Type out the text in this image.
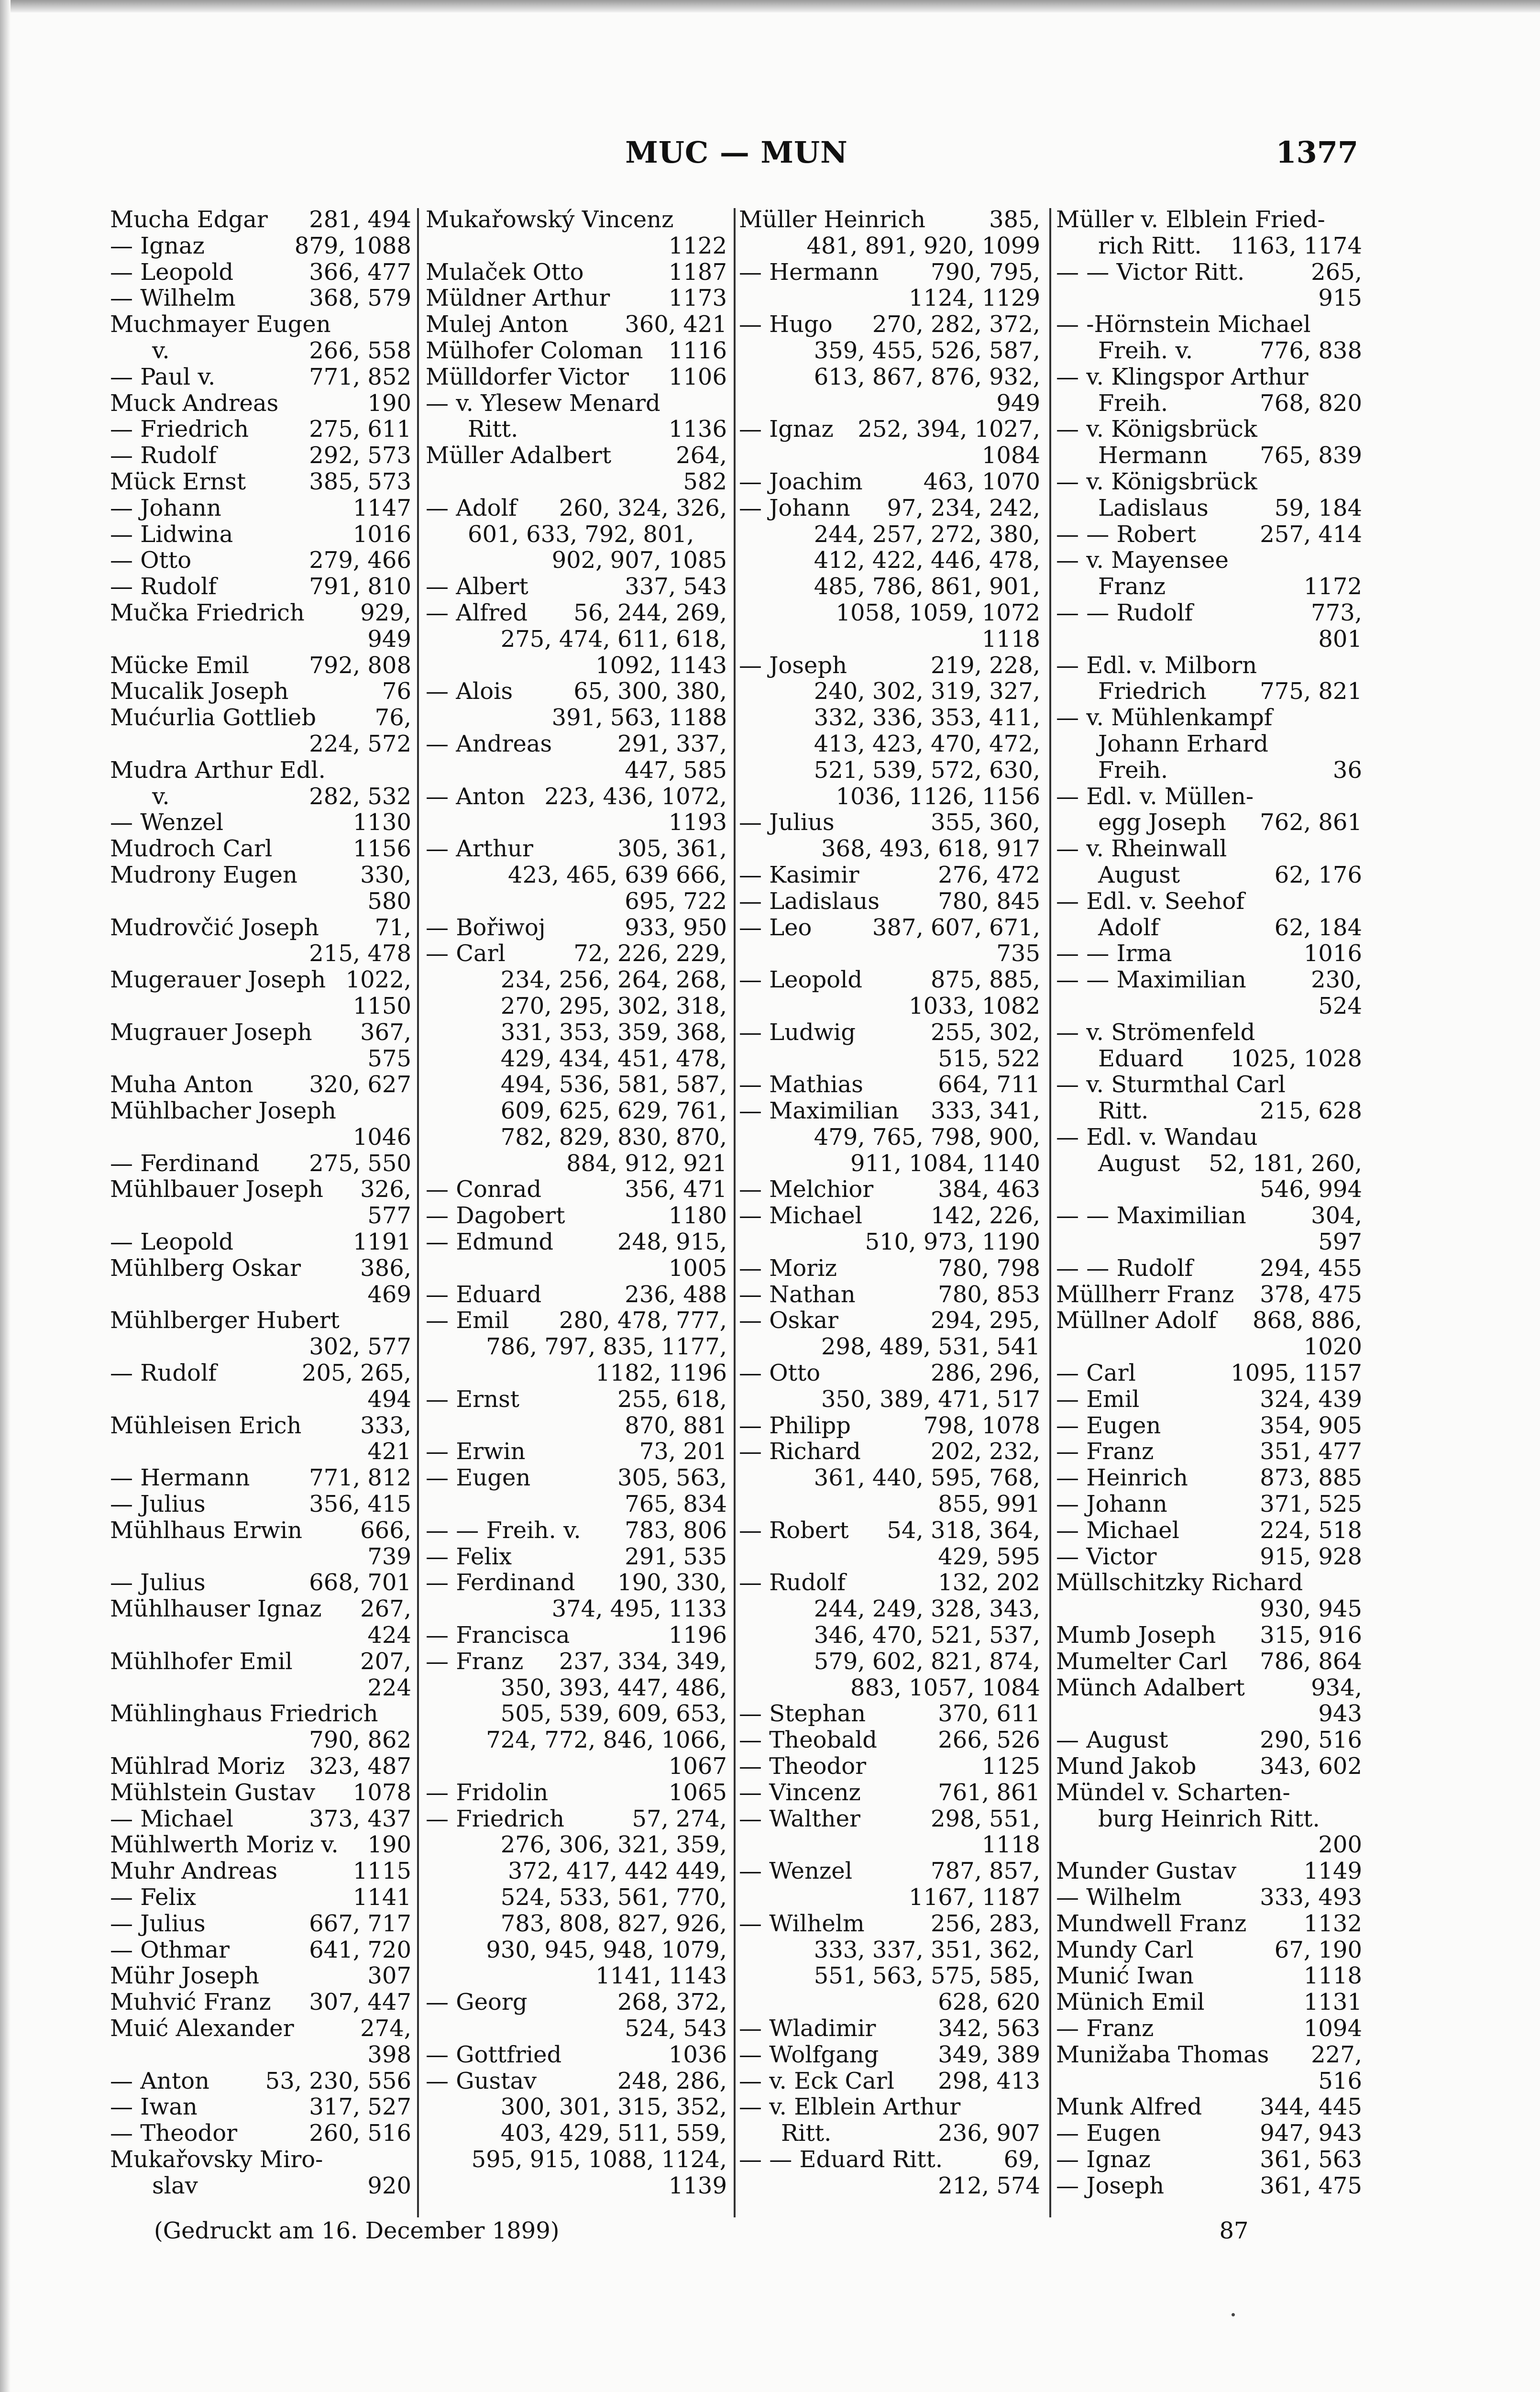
MUC — MUN	1377
Mucha Edgar 281, 494
— Ignaz	879, 1088
— Leopold	366, 477
— Wilhelm	368, 579
Muchmayer Eugen
v.	266, 558
— Paul v.	771, 852
Muck Andreas	190
— Friedrich	275, 611
— Rudolf	292, 573
Mück Ernst	385, 573
— Johann	1147
— Lidwina	1016
— Otto	279, 466
— Rudolf	791, 810
Mučka Friedrich 929,
949
Mücke Emil	792, 808
Mucalik Joseph	76
Mućurlia Gottlieb	76,
224, 572
Mudra Arthur Edl.
v.	282, 532
— Wenzel	1130
Mudroch Carl	1156
Mudrony Eugen	330,
580
Mudrovčić Joseph 71,
215, 478
Mugerauer Joseph 1022,
1150
Mugrauer Joseph 367,
575
Muha Anton 320, 627
Mühlbacher Joseph
1046
— Ferdinand 275, 550
Mühlbauer Joseph 326,
577
— Leopold	1191
Mühlberg Oskar	386,
469
Mühlberger Hubert
302, 577
— Rudolf	205, 265,
494
Mühleisen Erich	333,
421
— Hermann	771, 812
— Julius	356, 415
Mühlhaus Erwin	666,
739
— Julius	668, 701
Mühlhauser Ignaz 267,
424
Mühlhofer Emil	207,
224
Mühlinghaus Friedrich
790, 862
Mühlrad Moriz 323, 487
Mühlstein Gustav 1078
— Michael	373, 437
Mühlwerth Moriz v. 190
Muhr Andreas	1115
— Felix	1141
— Julius	667, 717
— Othmar	641, 720
Mühr Joseph	307
Muhvić Franz 307, 447
Muić Alexander	274,
398
— Anton 53, 230, 556
— Iwan	317, 527
— Theodor	260, 516
Mukařovsky Miro-
slav	920
Mukařowský Vincenz
1122
Mulaček Otto	1187
Müldner Arthur	1173
Mulej Anton 360, 421
Mülhofer Coloman 1116
Mülldorfer Victor 1106
— v. Ylesew Menard
Ritt.	1136
Müller Adalbert	264,
582
— Adolf 260, 324, 326,
601, 633, 792, 801,
902, 907, 1085
— Albert	337, 543
— Alfred 56, 244, 269,
275, 474, 611, 618,
1092, 1143
— Alois	65, 300, 380,
391, 563, 1188
— Andreas	291, 337,
447, 585
— Anton 223, 436, 1072,
1193
— Arthur	305, 361,
423, 465, 639 666,
695, 722
— Bořiwoj	933, 950
— Carl	72, 226, 229,
234, 256, 264, 268,
270, 295, 302, 318,
331, 353, 359, 368,
429, 434, 451, 478,
494, 536, 581, 587,
609, 625, 629, 761,
782, 829, 830, 870,
884, 912, 921
— Conrad	356, 471
— Dagobert	1180
— Edmund	248, 915,
1005
— Eduard	236, 488
— Emil 280, 478, 777,
786, 797, 835, 1177,
1182, 1196
— Ernst	255, 618,
870, 881
— Erwin	73, 201
— Eugen	305, 563,
765, 834
— — Freih. v. 783, 806
— Felix	291, 535
— Ferdinand 190, 330,
374, 495, 1133
— Francisca	1196
— Franz 237, 334, 349,
350, 393, 447, 486,
505, 539, 609, 653,
724, 772, 846, 1066,
1067
— Fridolin	1065
— Friedrich	57, 274,
276, 306, 321, 359,
372, 417, 442 449,
524, 533, 561, 770,
783, 808, 827, 926,
930, 945, 948, 1079,
1141, 1143
— Georg	268, 372,
524, 543
— Gottfried	1036
— Gustav	248, 286,
300, 301, 315, 352,
403, 429, 511, 559,
595, 915, 1088, 1124,
1139
Müller Heinrich	385,
481, 891, 920, 1099
— Hermann 790, 795,
1124, 1129
— Hugo 270, 282, 372,
359, 455, 526, 587,
613, 867, 876, 932,
949
— Ignaz 252, 394, 1027,
1084
— Joachim	463, 1070
— Johann 97, 234, 242,
244, 257, 272, 380,
412, 422, 446, 478,
485, 786, 861, 901,
1058, 1059, 1072
1118
— Joseph	219, 228,
240, 302, 319, 327,
332, 336, 353, 411,
413, 423, 470, 472,
521, 539, 572, 630,
1036, 1126, 1156
— Julius	355, 360,
368, 493, 618, 917
— Kasimir	276, 472
— Ladislaus	780, 845
— Leo	387, 607, 671,
735
— Leopold	875, 885,
1033, 1082
— Ludwig	255, 302,
515, 522
— Mathias	664, 711
— Maximilian 333, 341,
479, 765, 798, 900,
911, 1084, 1140
— Melchior	384, 463
— Michael	142, 226,
510, 973, 1190
— Moriz	780, 798
— Nathan	780, 853
— Oskar	294, 295,
298, 489, 531, 541
— Otto	286, 296,
350, 389, 471, 517
— Philipp	798, 1078
— Richard	202, 232,
361, 440, 595, 768,
855, 991
— Robert 54, 318, 364,
429, 595
— Rudolf	132, 202
244, 249, 328, 343,
346, 470, 521, 537,
579, 602, 821, 874,
883, 1057, 1084
— Stephan	370, 611
— Theobald	266, 526
— Theodor	1125
— Vincenz	761, 861
— Walther	298, 551,
1118
— Wenzel	787, 857,
1167, 1187
— Wilhelm	256, 283,
333, 337, 351, 362,
551, 563, 575, 585,
628, 620
— Wladimir	342, 563
— Wolfgang	349, 389
— v. Eck Carl 298, 413
— v. Elblein Arthur
Ritt.	236, 907
— — Eduard Ritt.	69,
212, 574
Müller v. Elblein Fried-
rich Ritt. 1163, 1174
— — Victor Ritt.	265,
915
— -Hörnstein Michael
Freih. v.	776, 838
— v. Klingspor Arthur
Freih.	768, 820
— v. Königsbrück
Hermann 765, 839
— v. Königsbrück
Ladislaus	59, 184
— — Robert	257, 414
— v. Mayensee
Franz	1172
— — Rudolf	773,
801
— Edl. v. Milborn
Friedrich 775, 821
— v. Mühlenkampf
Johann Erhard
Freih.	36
— Edl. v. Müllen-
egg Joseph 762, 861
— v. Rheinwall
August	62, 176
— Edl. v. Seehof
Adolf	62, 184
— — Irma	1016
— — Maximilian	230,
524
— v. Strömenfeld
Eduard 1025, 1028
— v. Sturmthal Carl
Ritt.	215, 628
— Edl. v. Wandau
August 52, 181, 260,
546, 994
— — Maximilian	304,
597
— — Rudolf	294, 455
Müllherr Franz 378, 475
Müllner Adolf 868, 886,
1020
— Carl	1095, 1157
— Emil	324, 439
— Eugen	354, 905
— Franz	351, 477
— Heinrich	873, 885
— Johann	371, 525
— Michael	224, 518
— Victor	915, 928
Müllschitzky Richard
930, 945
Mumb Joseph 315, 916
Mumelter Carl 786, 864
Münch Adalbert	934,
943
— August	290, 516
Mund Jakob	343, 602
Mündel v. Scharten-
burg Heinrich Ritt.
200
Munder Gustav	1149
— Wilhelm	333, 493
Mundwell Franz 1132
Mundy Carl	67, 190
Munić Iwan	1118
Münich Emil	1131
— Franz	1094
Munižaba Thomas 227,
516
Munk Alfred	344, 445
— Eugen	947, 943
— Ignaz	361, 563
— Joseph	361, 475
(Gedruckt am 16. December 1899)	87
